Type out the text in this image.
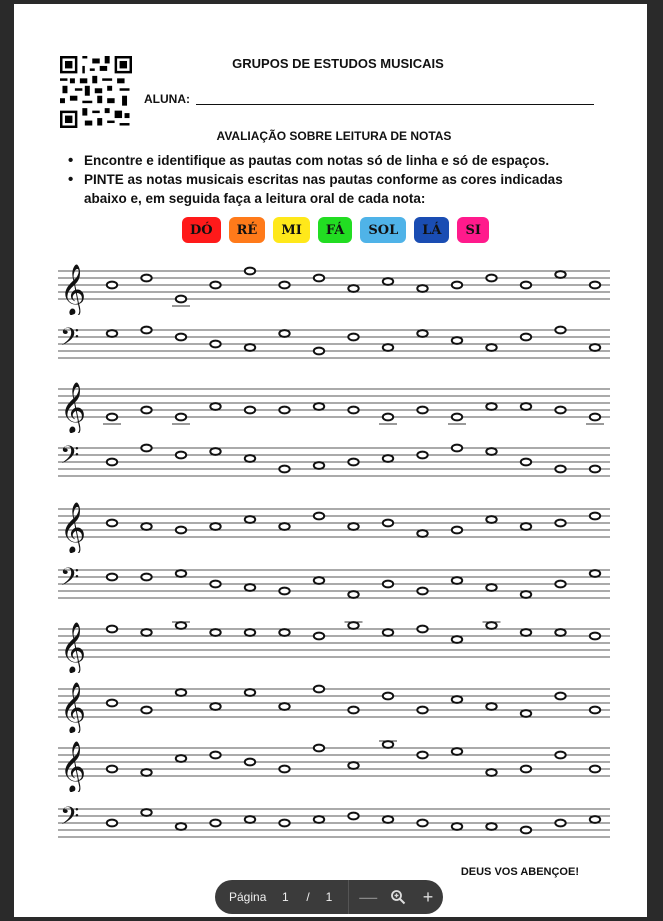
GRUPOS DE ESTUDOS MUSICAIS
ALUNA:
AVALIAÇÃO SOBRE LEITURA DE NOTAS
• Encontre e identifique as pautas com notas só de linha e só de espaços.
• PINTE as notas musicais escritas nas pautas conforme as cores indicadas abaixo e, em seguida faça a leitura oral de cada nota:
DÓ	RÉ	MI	FÁ	SOL	LÁ	SI
𝄞
𝄢
𝄞
𝄢
𝄞
𝄢
𝄞
𝄞
𝄞
𝄢
DEUS VOS ABENÇOE!
Página 1 / 1	—	+
